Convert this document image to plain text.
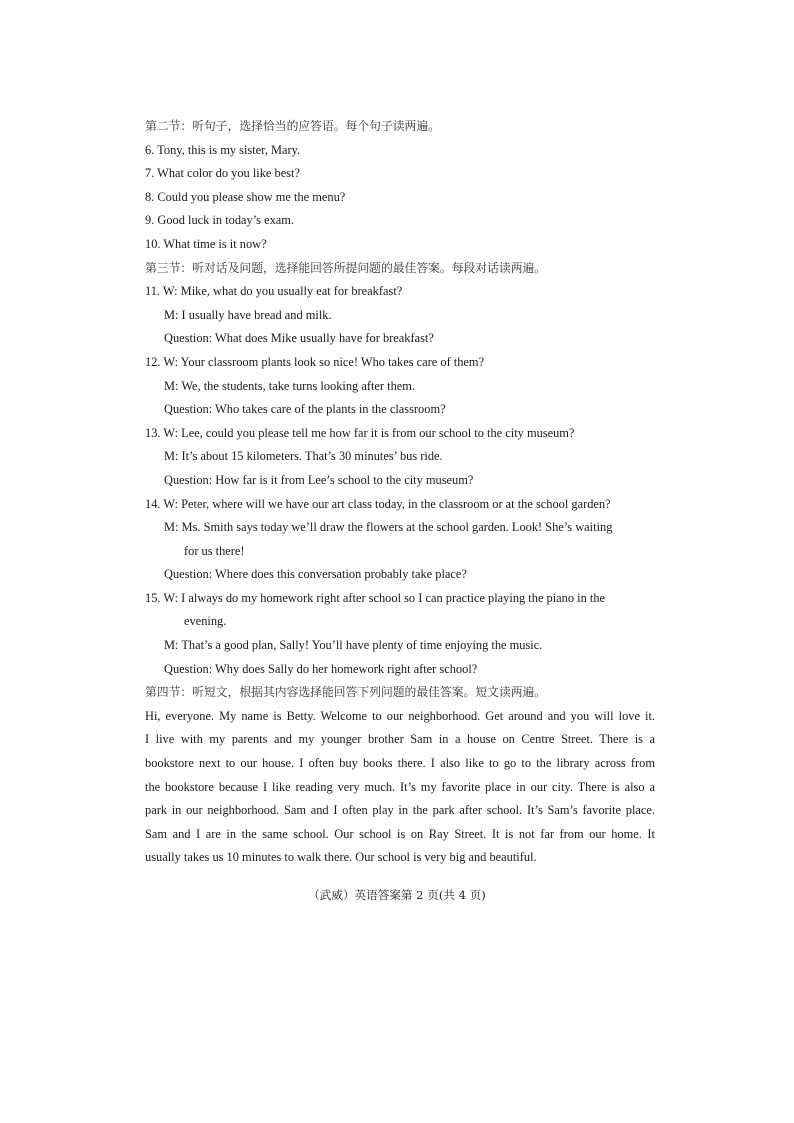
第二节：听句子，选择恰当的应答语。每个句子读两遍。
6. Tony, this is my sister, Mary.
7. What color do you like best?
8. Could you please show me the menu?
9. Good luck in today’s exam.
10. What time is it now?
第三节：听对话及问题，选择能回答所提问题的最佳答案。每段对话读两遍。
11. W: Mike, what do you usually eat for breakfast?
M: I usually have bread and milk.
Question: What does Mike usually have for breakfast?
12. W: Your classroom plants look so nice! Who takes care of them?
M: We, the students, take turns looking after them.
Question: Who takes care of the plants in the classroom?
13. W: Lee, could you please tell me how far it is from our school to the city museum?
M: It’s about 15 kilometers. That’s 30 minutes’ bus ride.
Question: How far is it from Lee’s school to the city museum?
14. W: Peter, where will we have our art class today, in the classroom or at the school garden?
M: Ms. Smith says today we’ll draw the flowers at the school garden. Look! She’s waiting
for us there!
Question: Where does this conversation probably take place?
15. W: I always do my homework right after school so I can practice playing the piano in the
evening.
M: That’s a good plan, Sally! You’ll have plenty of time enjoying the music.
Question: Why does Sally do her homework right after school?
第四节：听短文，根据其内容选择能回答下列问题的最佳答案。短文读两遍。
Hi, everyone. My name is Betty. Welcome to our neighborhood. Get around and you will love it.
I live with my parents and my younger brother Sam in a house on Centre Street. There is a
bookstore next to our house. I often buy books there. I also like to go to the library across from
the bookstore because I like reading very much. It’s my favorite place in our city. There is also a
park in our neighborhood. Sam and I often play in the park after school. It’s Sam’s favorite place.
Sam and I are in the same school. Our school is on Ray Street. It is not far from our home. It
usually takes us 10 minutes to walk there. Our school is very big and beautiful.
（武威）英语答案第 2 页(共 4 页)
